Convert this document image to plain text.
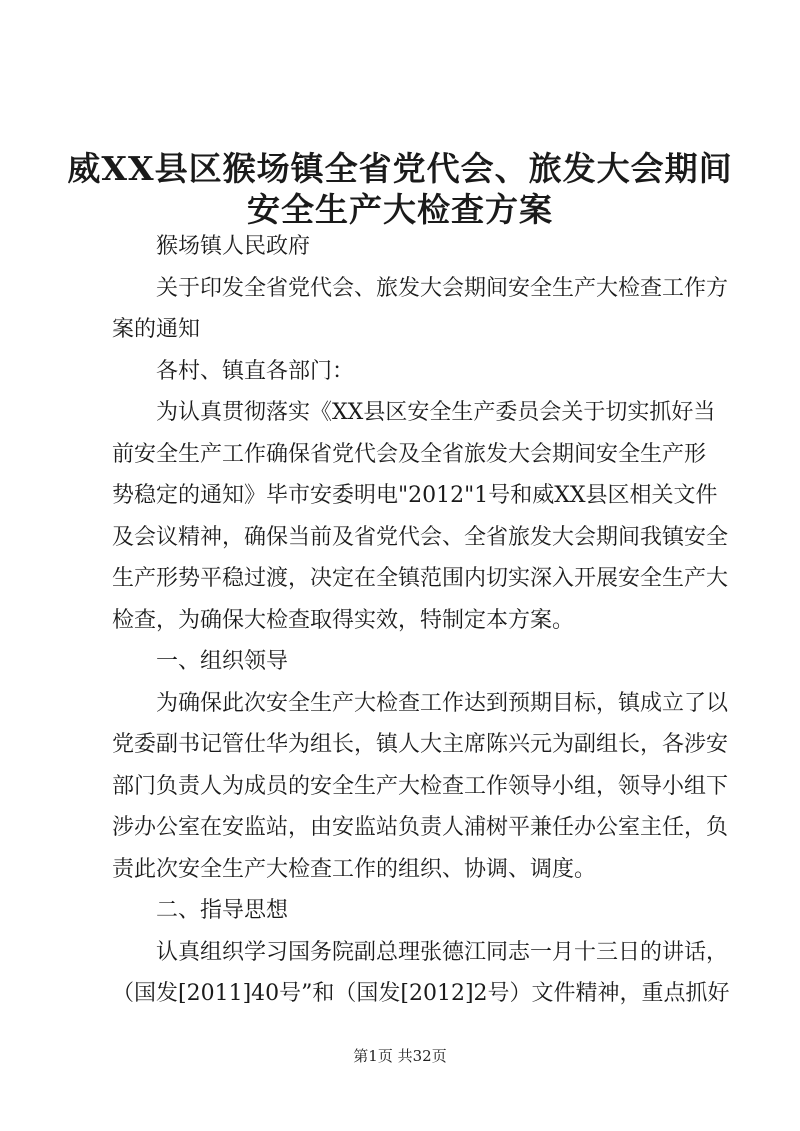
威XX县区猴场镇全省党代会、旅发大会期间
安全生产大检查方案
猴场镇人民政府
关于印发全省党代会、旅发大会期间安全生产大检查工作方
案的通知
各村、镇直各部门：
为认真贯彻落实《XX县区安全生产委员会关于切实抓好当
前安全生产工作确保省党代会及全省旅发大会期间安全生产形
势稳定的通知》毕市安委明电"2012"1号和威XX县区相关文件
及会议精神，确保当前及省党代会、全省旅发大会期间我镇安全
生产形势平稳过渡，决定在全镇范围内切实深入开展安全生产大
检查，为确保大检查取得实效，特制定本方案。
一、组织领导
为确保此次安全生产大检查工作达到预期目标，镇成立了以
党委副书记管仕华为组长，镇人大主席陈兴元为副组长，各涉安
部门负责人为成员的安全生产大检查工作领导小组，领导小组下
涉办公室在安监站，由安监站负责人浦树平兼任办公室主任，负
责此次安全生产大检查工作的组织、协调、调度。
二、指导思想
认真组织学习国务院副总理张德江同志一月十三日的讲话，
（国发[2011]40号”和（国发[2012]2号）文件精神，重点抓好
第1页 共32页
